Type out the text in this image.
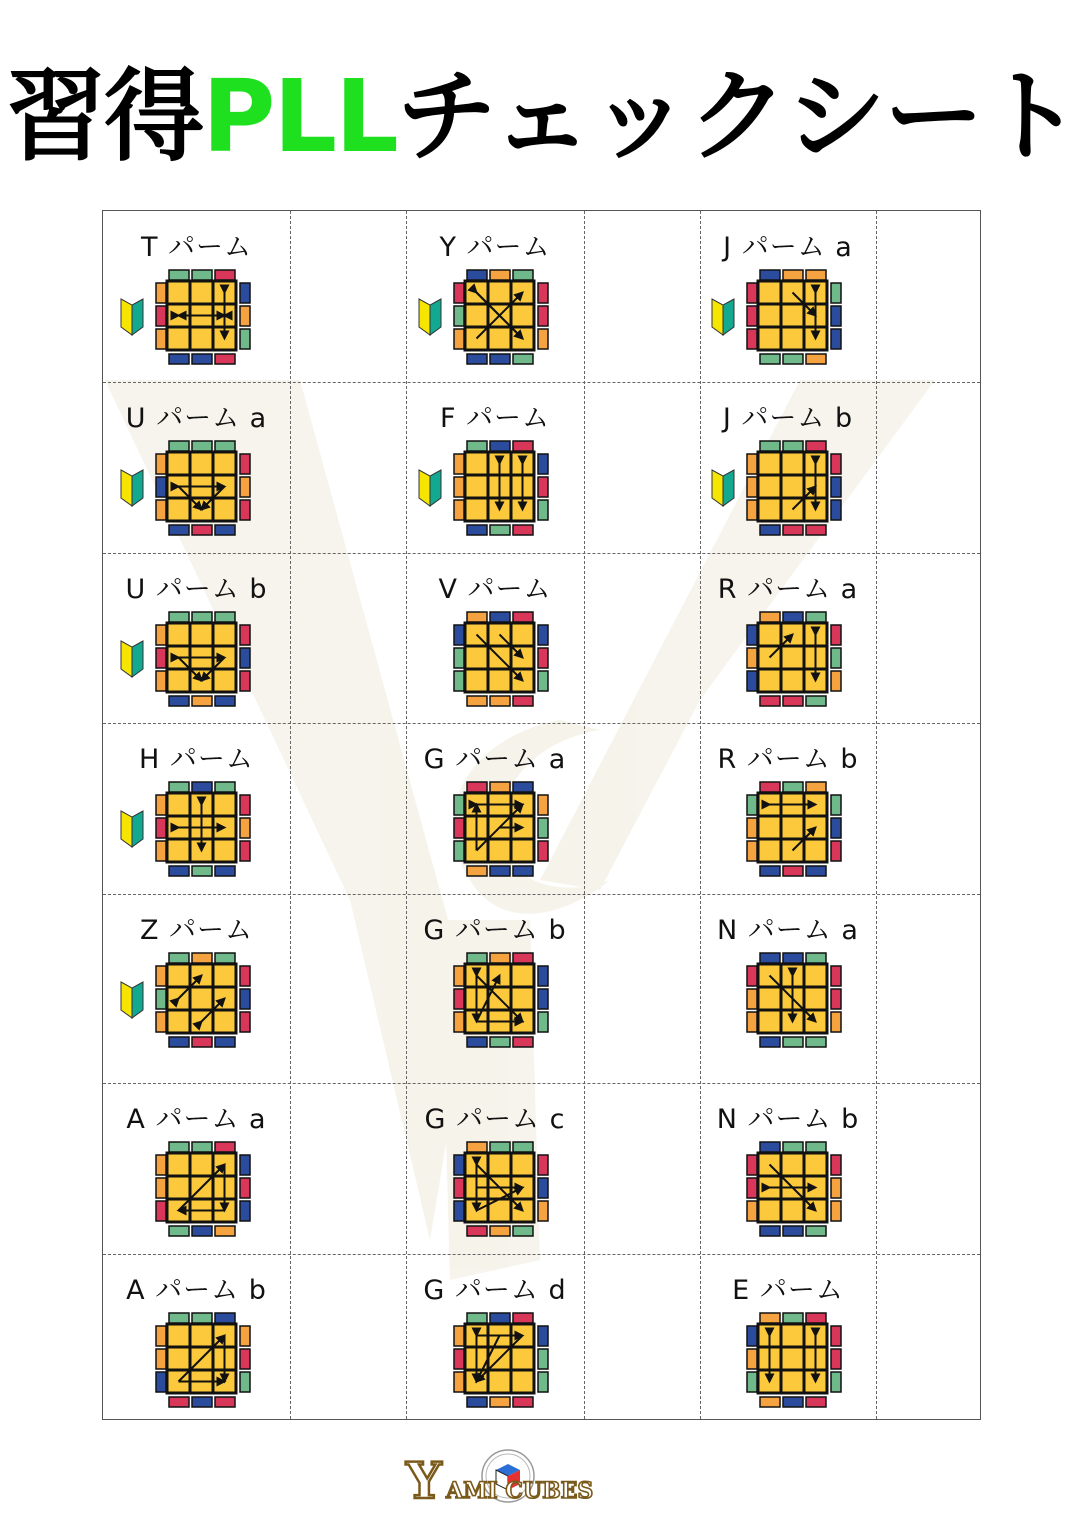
習得PLLチェックシート
T パーム	Y パーム	J パーム a
U パーム a	F パーム	J パーム b
U パーム b	V パーム	R パーム a
H パーム	G パーム a	R パーム b
Z パーム	G パーム b	N パーム a
A パーム a	G パーム c	N パーム b
A パーム b	G パーム d	E パーム
Y AMI CUBES
